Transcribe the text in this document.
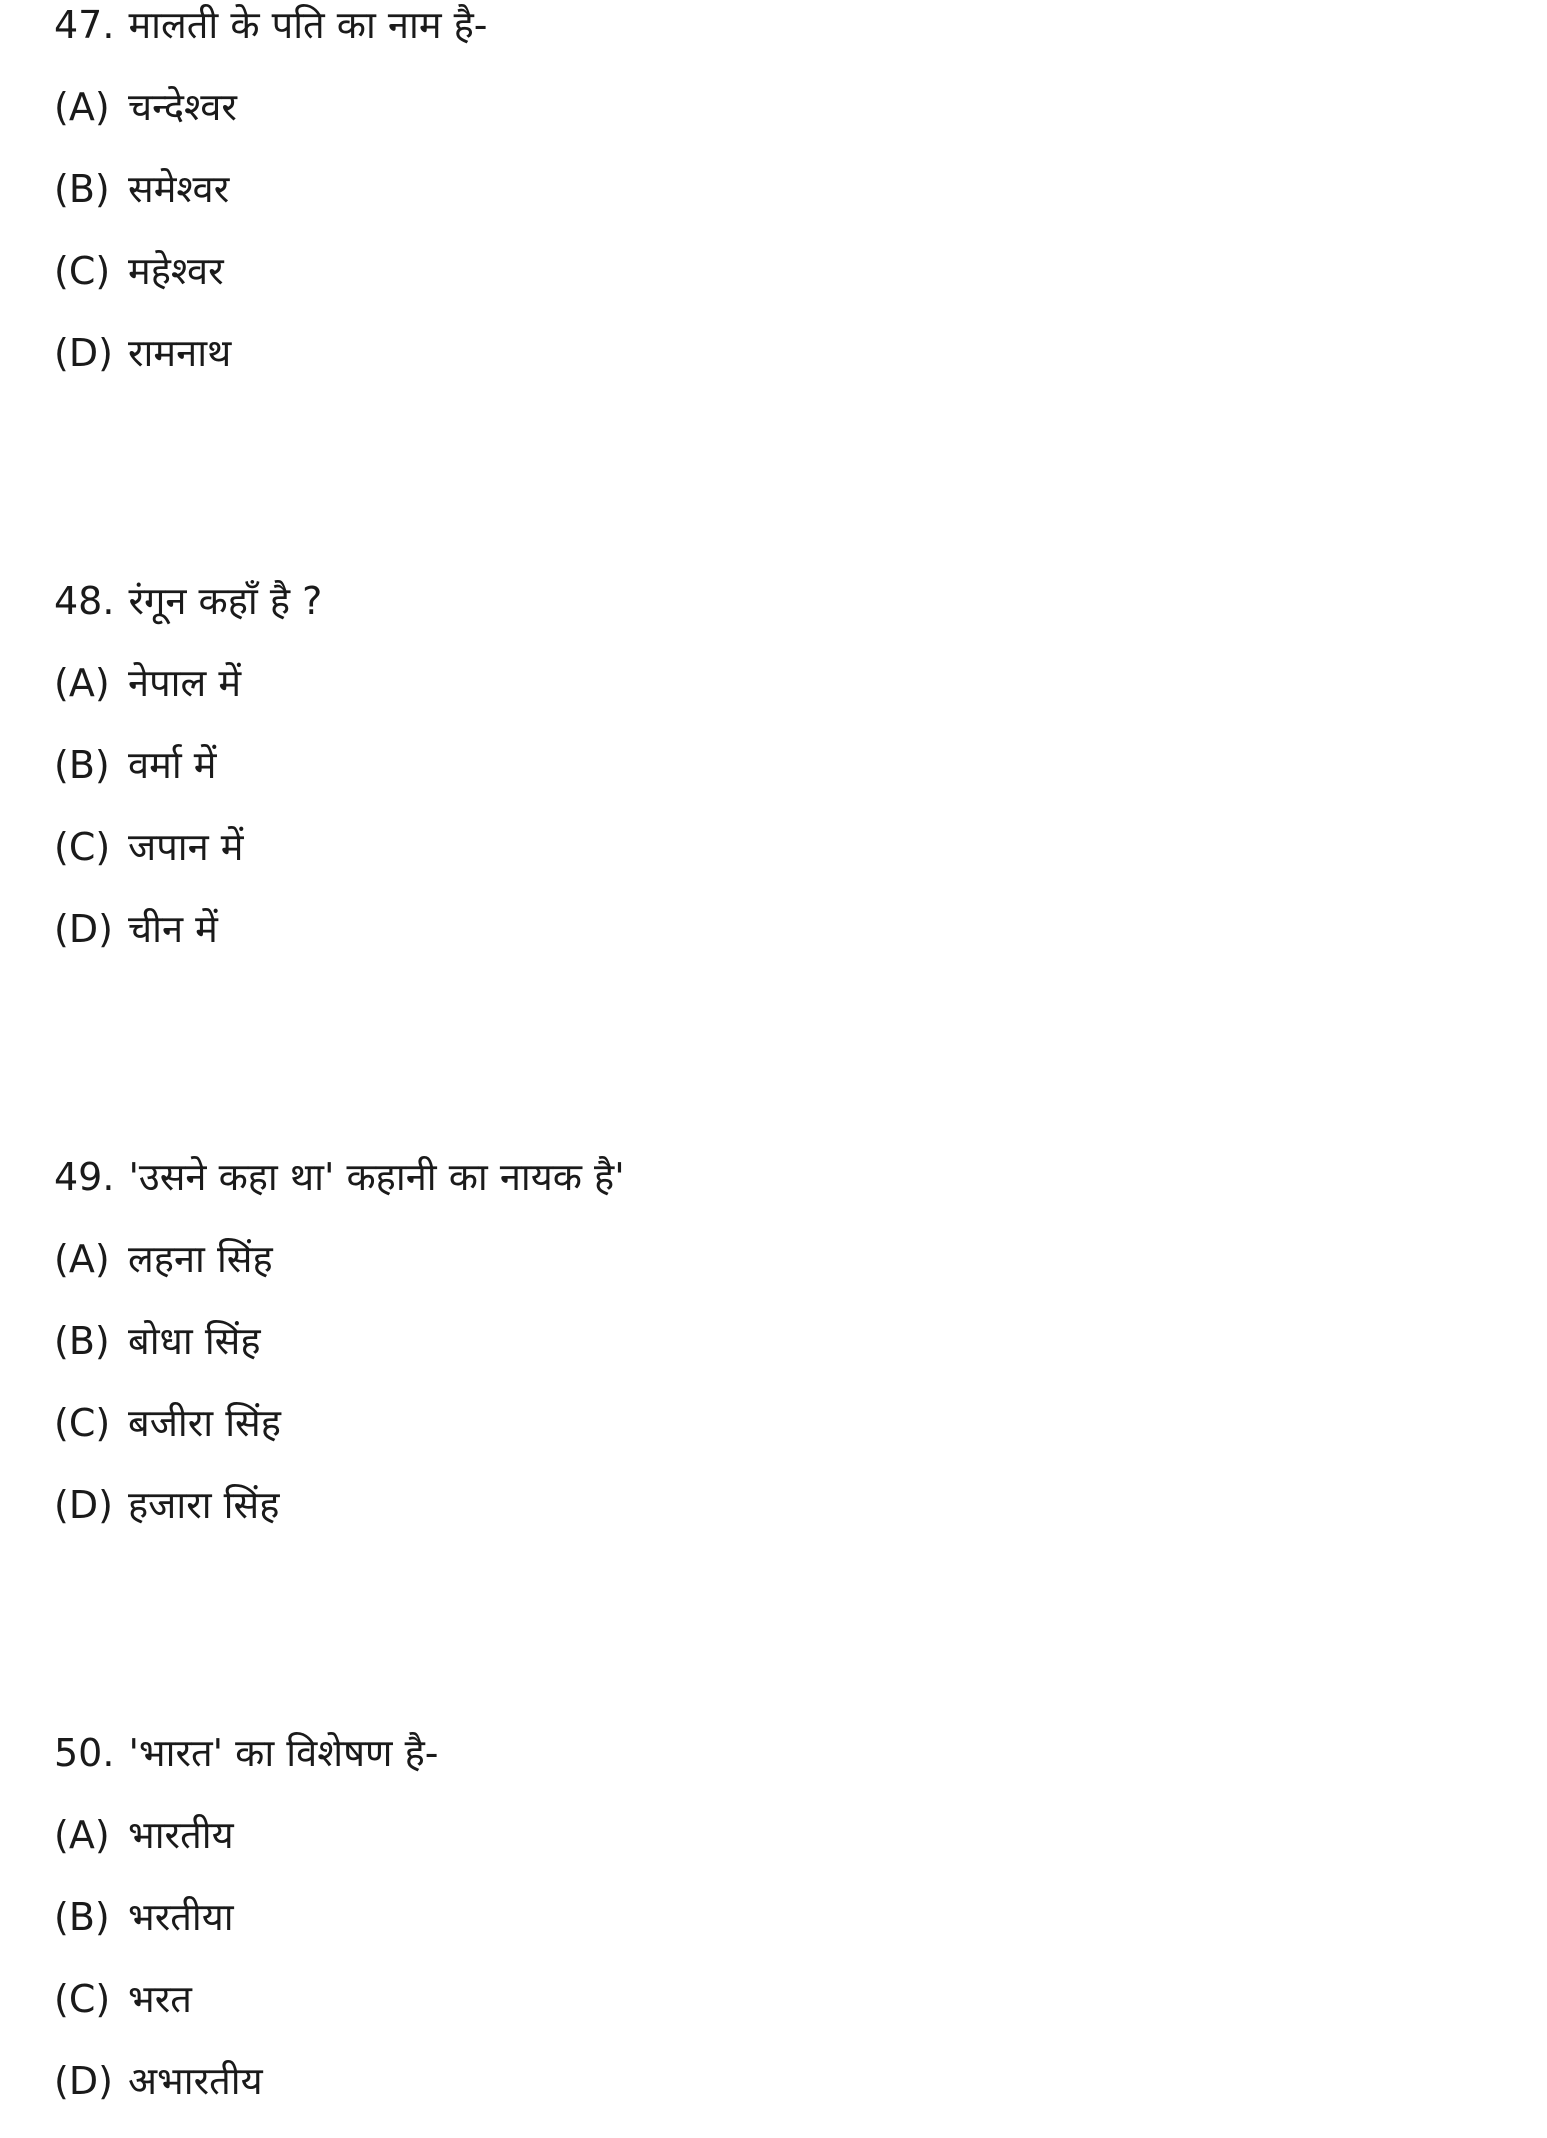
47. मालती के पति का नाम है-
(A) चन्देश्वर
(B) समेश्वर
(C) महेश्वर
(D) रामनाथ
48. रंगून कहाँ है ?
(A) नेपाल में
(B) वर्मा में
(C) जपान में
(D) चीन में
49. 'उसने कहा था' कहानी का नायक है'
(A) लहना सिंह
(B) बोधा सिंह
(C) बजीरा सिंह
(D) हजारा सिंह
50. 'भारत' का विशेषण है-
(A) भारतीय
(B) भरतीया
(C) भरत
(D) अभारतीय
